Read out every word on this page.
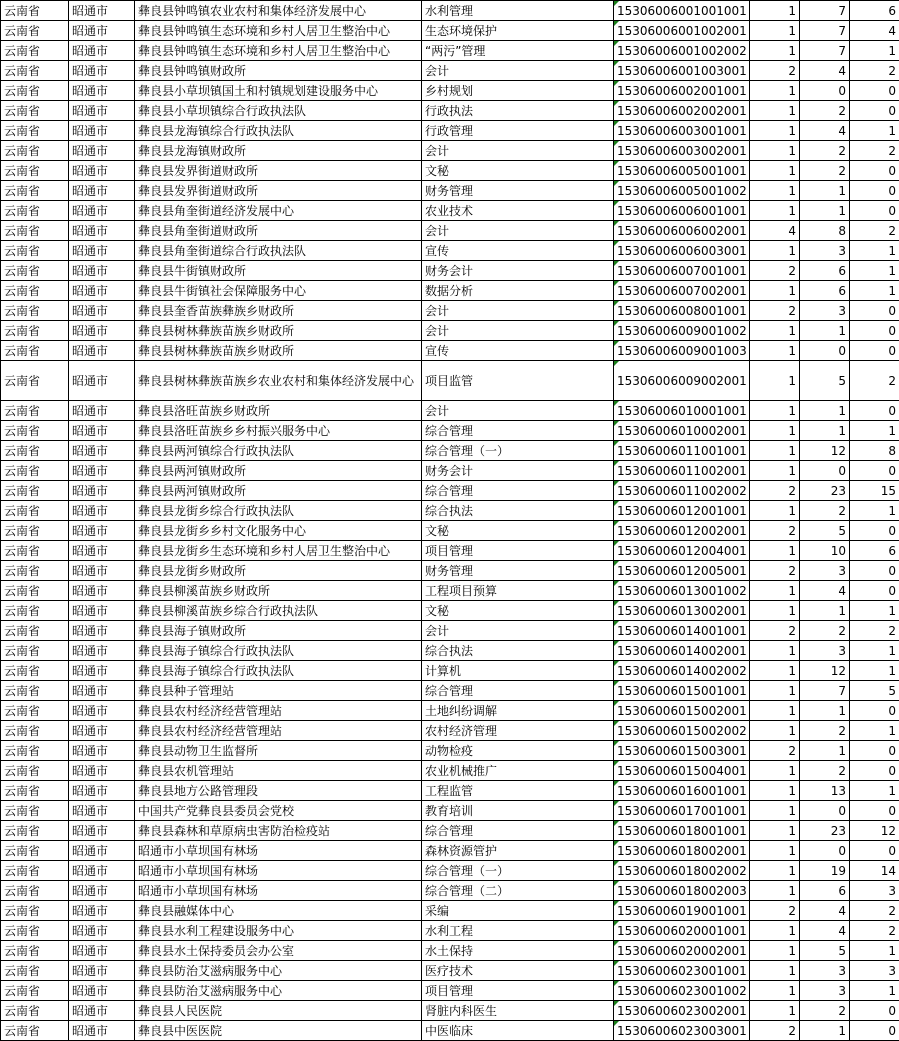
云南省	昭通市	彝良县钟鸣镇农业农村和集体经济发展中心	水利管理	15306006001001001	1	7	6
云南省	昭通市	彝良县钟鸣镇生态环境和乡村人居卫生整治中心	生态环境保护	15306006001002001	1	7	4
云南省	昭通市	彝良县钟鸣镇生态环境和乡村人居卫生整治中心	“两污”管理	15306006001002002	1	7	1
云南省	昭通市	彝良县钟鸣镇财政所	会计	15306006001003001	2	4	2
云南省	昭通市	彝良县小草坝镇国土和村镇规划建设服务中心	乡村规划	15306006002001001	1	0	0
云南省	昭通市	彝良县小草坝镇综合行政执法队	行政执法	15306006002002001	1	2	0
云南省	昭通市	彝良县龙海镇综合行政执法队	行政管理	15306006003001001	1	4	1
云南省	昭通市	彝良县龙海镇财政所	会计	15306006003002001	1	2	2
云南省	昭通市	彝良县发界街道财政所	文秘	15306006005001001	1	2	0
云南省	昭通市	彝良县发界街道财政所	财务管理	15306006005001002	1	1	0
云南省	昭通市	彝良县角奎街道经济发展中心	农业技术	15306006006001001	1	1	0
云南省	昭通市	彝良县角奎街道财政所	会计	15306006006002001	4	8	2
云南省	昭通市	彝良县角奎街道综合行政执法队	宣传	15306006006003001	1	3	1
云南省	昭通市	彝良县牛街镇财政所	财务会计	15306006007001001	2	6	1
云南省	昭通市	彝良县牛街镇社会保障服务中心	数据分析	15306006007002001	1	6	1
云南省	昭通市	彝良县奎香苗族彝族乡财政所	会计	15306006008001001	2	3	0
云南省	昭通市	彝良县树林彝族苗族乡财政所	会计	15306006009001002	1	1	0
云南省	昭通市	彝良县树林彝族苗族乡财政所	宣传	15306006009001003	1	0	0
云南省	昭通市	彝良县树林彝族苗族乡农业农村和集体经济发展中心	项目监管	15306006009002001	1	5	2
云南省	昭通市	彝良县洛旺苗族乡财政所	会计	15306006010001001	1	1	0
云南省	昭通市	彝良县洛旺苗族乡乡村振兴服务中心	综合管理	15306006010002001	1	1	1
云南省	昭通市	彝良县两河镇综合行政执法队	综合管理（一）	15306006011001001	1	12	8
云南省	昭通市	彝良县两河镇财政所	财务会计	15306006011002001	1	0	0
云南省	昭通市	彝良县两河镇财政所	综合管理	15306006011002002	2	23	15
云南省	昭通市	彝良县龙街乡综合行政执法队	综合执法	15306006012001001	1	2	1
云南省	昭通市	彝良县龙街乡乡村文化服务中心	文秘	15306006012002001	2	5	0
云南省	昭通市	彝良县龙街乡生态环境和乡村人居卫生整治中心	项目管理	15306006012004001	1	10	6
云南省	昭通市	彝良县龙街乡财政所	财务管理	15306006012005001	2	3	0
云南省	昭通市	彝良县柳溪苗族乡财政所	工程项目预算	15306006013001002	1	4	0
云南省	昭通市	彝良县柳溪苗族乡综合行政执法队	文秘	15306006013002001	1	1	1
云南省	昭通市	彝良县海子镇财政所	会计	15306006014001001	2	2	2
云南省	昭通市	彝良县海子镇综合行政执法队	综合执法	15306006014002001	1	3	1
云南省	昭通市	彝良县海子镇综合行政执法队	计算机	15306006014002002	1	12	1
云南省	昭通市	彝良县种子管理站	综合管理	15306006015001001	1	7	5
云南省	昭通市	彝良县农村经济经营管理站	土地纠纷调解	15306006015002001	1	1	0
云南省	昭通市	彝良县农村经济经营管理站	农村经济管理	15306006015002002	1	2	1
云南省	昭通市	彝良县动物卫生监督所	动物检疫	15306006015003001	2	1	0
云南省	昭通市	彝良县农机管理站	农业机械推广	15306006015004001	1	2	0
云南省	昭通市	彝良县地方公路管理段	工程监管	15306006016001001	1	13	1
云南省	昭通市	中国共产党彝良县委员会党校	教育培训	15306006017001001	1	0	0
云南省	昭通市	彝良县森林和草原病虫害防治检疫站	综合管理	15306006018001001	1	23	12
云南省	昭通市	昭通市小草坝国有林场	森林资源管护	15306006018002001	1	0	0
云南省	昭通市	昭通市小草坝国有林场	综合管理（一）	15306006018002002	1	19	14
云南省	昭通市	昭通市小草坝国有林场	综合管理（二）	15306006018002003	1	6	3
云南省	昭通市	彝良县融媒体中心	采编	15306006019001001	2	4	2
云南省	昭通市	彝良县水利工程建设服务中心	水利工程	15306006020001001	1	4	2
云南省	昭通市	彝良县水土保持委员会办公室	水土保持	15306006020002001	1	5	1
云南省	昭通市	彝良县防治艾滋病服务中心	医疗技术	15306006023001001	1	3	3
云南省	昭通市	彝良县防治艾滋病服务中心	项目管理	15306006023001002	1	3	1
云南省	昭通市	彝良县人民医院	肾脏内科医生	15306006023002001	1	2	0
云南省	昭通市	彝良县中医医院	中医临床	15306006023003001	2	1	0
